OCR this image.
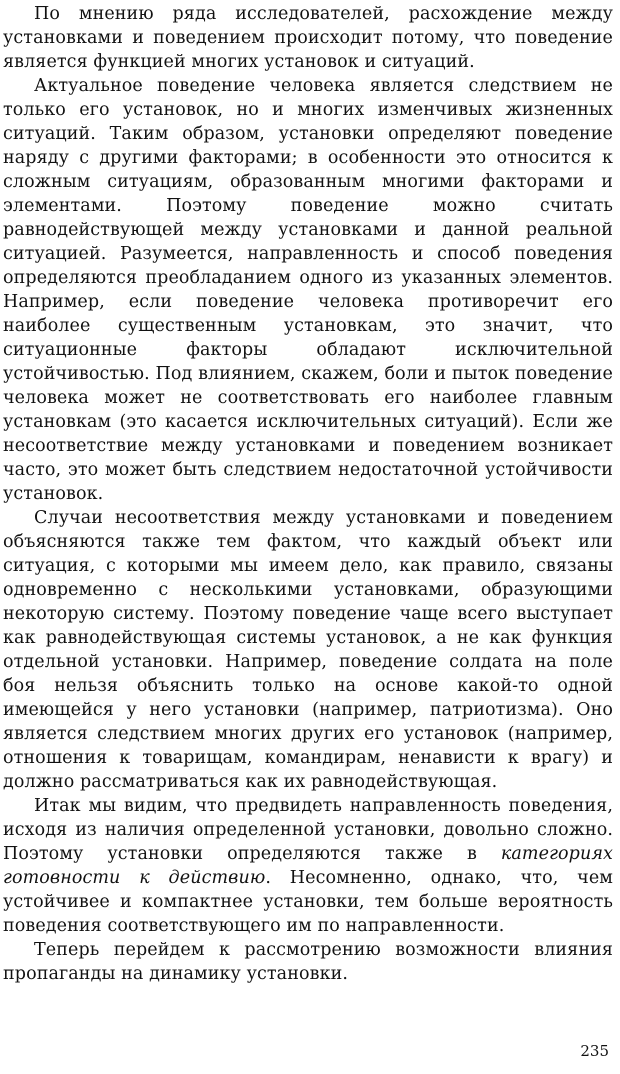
По мнению ряда исследователей, расхождение между установками и поведением происходит потому, что поведение является функцией многих установок и ситуаций.

Актуальное поведение человека является следствием не только его установок, но и многих изменчивых жизненных ситуаций. Таким образом, установки определяют поведение наряду с другими факторами; в особенности это относится к сложным ситуациям, образованным многими факторами и элементами. Поэтому поведение можно считать равнодействующей между установками и данной реальной ситуацией. Разумеется, направленность и способ поведения определяются преобладанием одного из указанных элементов. Например, если поведение человека противоречит его наиболее существенным установкам, это значит, что ситуационные факторы обладают исключительной устойчивостью. Под влиянием, скажем, боли и пыток поведение человека может не соответствовать его наиболее главным установкам (это касается исключительных ситуаций). Если же несоответствие между установками и поведением возникает часто, это может быть следствием недостаточной устойчивости установок.

Случаи несоответствия между установками и поведением объясняются также тем фактом, что каждый объект или ситуация, с которыми мы имеем дело, как правило, связаны одновременно с несколькими установками, образующими некоторую систему. Поэтому поведение чаще всего выступает как равнодействующая системы установок, а не как функция отдельной установки. Например, поведение солдата на поле боя нельзя объяснить только на основе какой-то одной имеющейся у него установки (например, патриотизма). Оно является следствием многих других его установок (например, отношения к товарищам, командирам, ненависти к врагу) и должно рассматриваться как их равнодействующая.

Итак мы видим, что предвидеть направленность поведения, исходя из наличия определенной установки, довольно сложно. Поэтому установки определяются также в категориях готовности к действию. Несомненно, однако, что, чем устойчивее и компактнее установки, тем больше вероятность поведения соответствующего им по направленности.

Теперь перейдем к рассмотрению возможности влияния пропаганды на динамику установки.

235
